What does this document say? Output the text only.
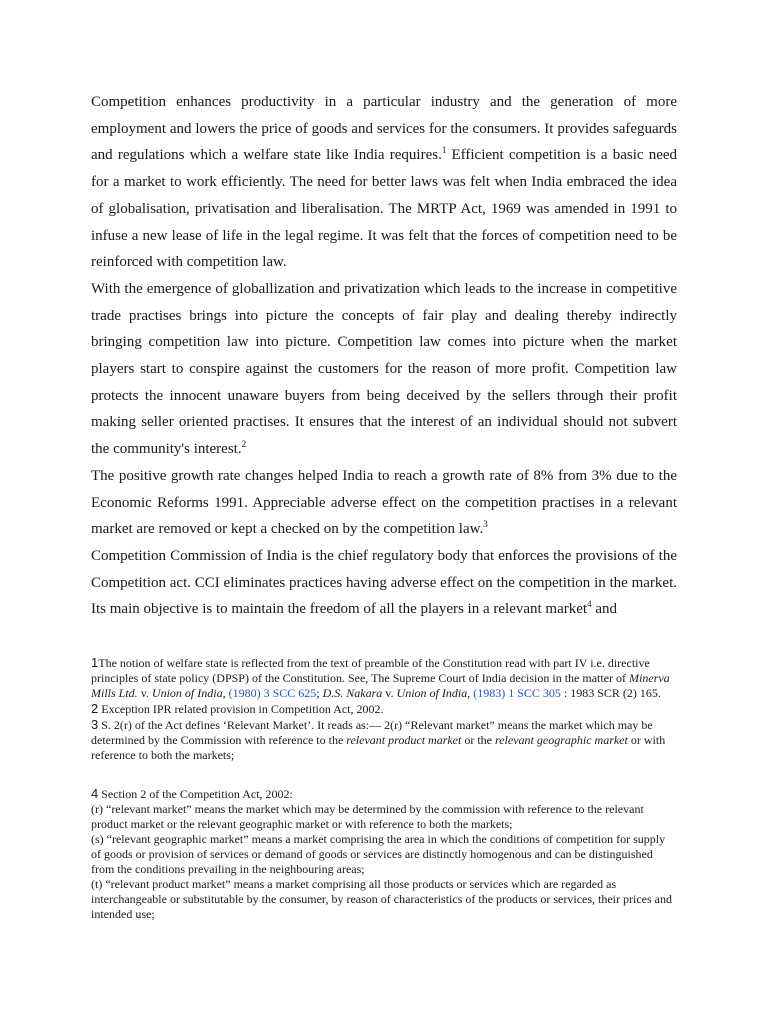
Competition enhances productivity in a particular industry and the generation of more employment and lowers the price of goods and services for the consumers. It provides safeguards and regulations which a welfare state like India requires.$^1$ Efficient competition is a basic need for a market to work efficiently. The need for better laws was felt when India embraced the idea of globalisation, privatisation and liberalisation. The MRTP Act, 1969 was amended in 1991 to infuse a new lease of life in the legal regime. It was felt that the forces of competition need to be reinforced with competition law.

With the emergence of globallization and privatization which leads to the increase in competitive trade practises brings into picture the concepts of fair play and dealing thereby indirectly bringing competition law into picture. Competition law comes into picture when the market players start to conspire against the customers for the reason of more profit. Competition law protects the innocent unaware buyers from being deceived by the sellers through their profit making seller oriented practises. It ensures that the interest of an individual should not subvert the community's interest.$^2$

The positive growth rate changes helped India to reach a growth rate of 8% from 3% due to the Economic Reforms 1991. Appreciable adverse effect on the competition practises in a relevant market are removed or kept a checked on by the competition law.$^3$

Competition Commission of India is the chief regulatory body that enforces the provisions of the Competition act. CCI eliminates practices having adverse effect on the competition in the market. Its main objective is to maintain the freedom of all the players in a relevant market$^4$ and

1The notion of welfare state is reflected from the text of preamble of the Constitution read with part IV i.e. directive principles of state policy (DPSP) of the Constitution. See, The Supreme Court of India decision in the matter of Minerva Mills Ltd. v. Union of India, (1980) 3 SCC 625; D.S. Nakara v. Union of India, (1983) 1 SCC 305 : 1983 SCR (2) 165.

2 Exception IPR related provision in Competition Act, 2002.

3 S. 2(r) of the Act defines ‘Relevant Market’. It reads as:— 2(r) “Relevant market” means the market which may be determined by the Commission with reference to the relevant product market or the relevant geographic market or with reference to both the markets;

4 Section 2 of the Competition Act, 2002:
(r) “relevant market” means the market which may be determined by the commission with reference to the relevant product market or the relevant geographic market or with reference to both the markets;
(s) “relevant geographic market” means a market comprising the area in which the conditions of competition for supply of goods or provision of services or demand of goods or services are distinctly homogenous and can be distinguished from the conditions prevailing in the neighbouring areas;
(t) “relevant product market” means a market comprising all those products or services which are regarded as interchangeable or substitutable by the consumer, by reason of characteristics of the products or services, their prices and intended use;
